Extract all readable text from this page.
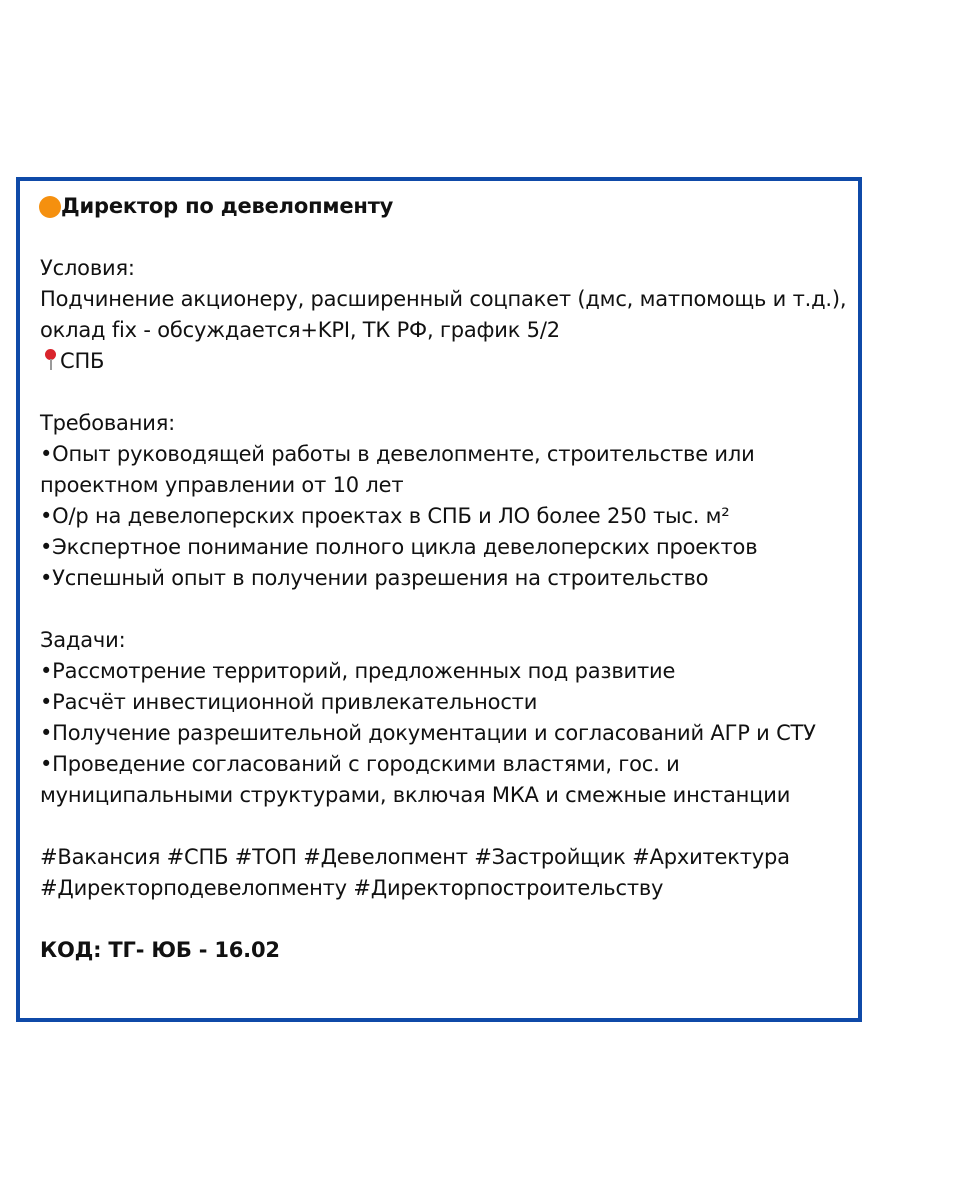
Директор по девелопменту
Условия:
Подчинение акционеру, расширенный соцпакет (дмс, матпомощь и т.д.),
оклад fix - обсуждается+KPI, ТК РФ, график 5/2
СПБ
Требования:
•Опыт руководящей работы в девелопменте, строительстве или
проектном управлении от 10 лет
•О/р на девелоперских проектах в СПБ и ЛО более 250 тыс. м²
•Экспертное понимание полного цикла девелоперских проектов
•Успешный опыт в получении разрешения на строительство
Задачи:
•Рассмотрение территорий, предложенных под развитие
•Расчёт инвестиционной привлекательности
•Получение разрешительной документации и согласований АГР и СТУ
•Проведение согласований с городскими властями, гос. и
муниципальными структурами, включая МКА и смежные инстанции
#Вакансия #СПБ #ТОП #Девелопмент #Застройщик #Архитектура
#Директорподевелопменту #Директорпостроительству
КОД: ТГ- ЮБ - 16.02
